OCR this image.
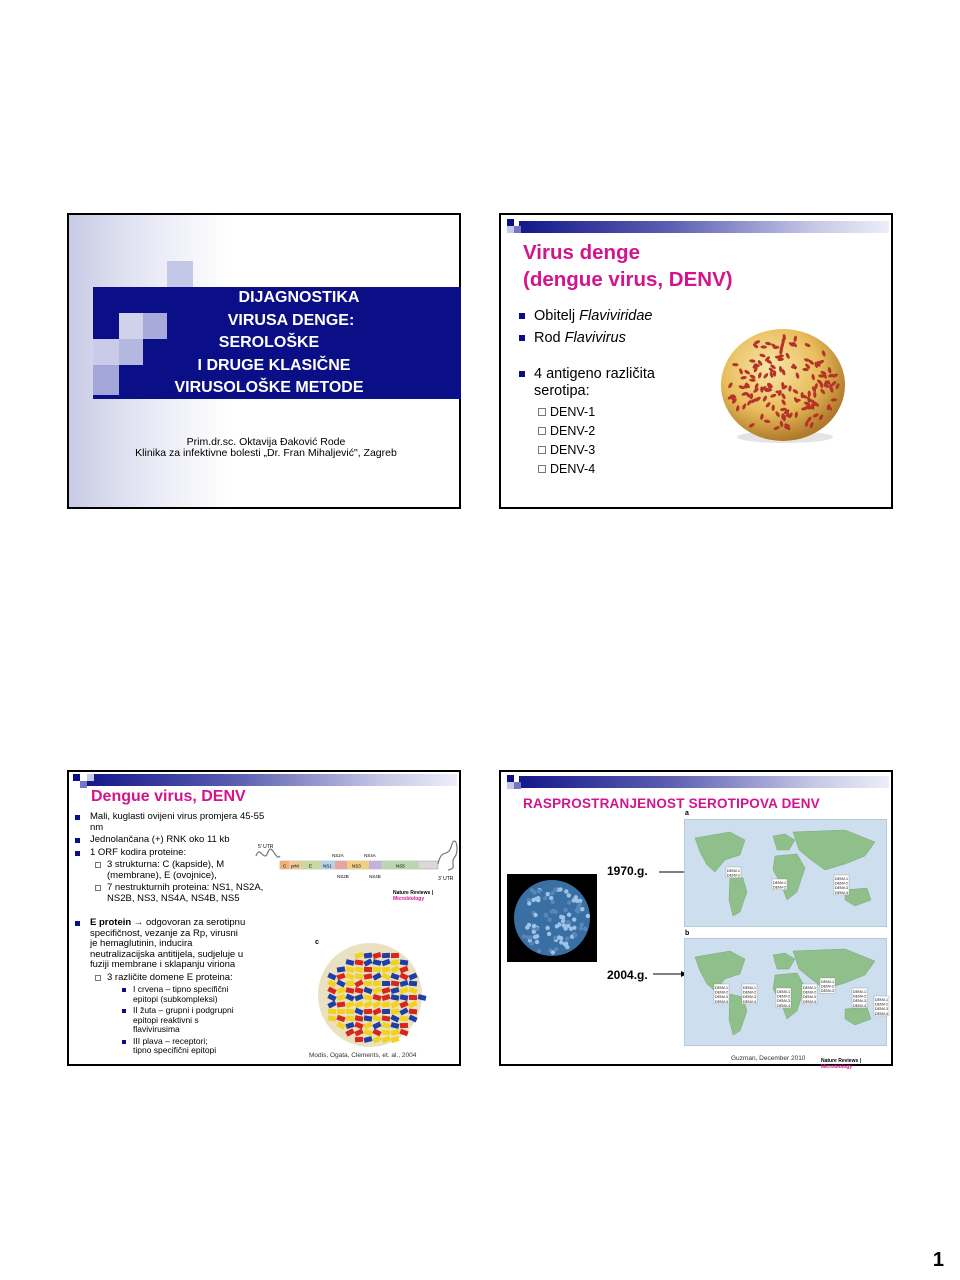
DIJAGNOSTIKA
VIRUSA DENGE:
SEROLOŠKE
I DRUGE KLASIČNE
VIRUSOLOŠKE METODE
Prim.dr.sc. Oktavija Đaković Rode
Klinika za infektivne bolesti „Dr. Fran Mihaljević", Zagreb
Virus denge
(dengue virus, DENV)
Obitelj Flaviviridae
Rod Flavivirus
4 antigeno različita serotipa:
DENV-1
DENV-2
DENV-3
DENV-4
Dengue virus, DENV
Mali, kuglasti ovijeni virus promjera 45-55 nm
Jednolančana (+) RNK oko 11 kb
1 ORF kodira proteine:
3 strukturna: C (kapside), M (membrane), E (ovojnice),
7 nestrukturnih proteina: NS1, NS2A, NS2B, NS3, NS4A, NS4B, NS5
E protein → odgovoran za serotipnu specifičnost, vezanje za Rp, virusni je hemaglutinin, inducira neutralizacijska antitijela, sudjeluje u fuziji membrane i sklapanju viriona
3 različite domene E proteina:
I crvena – tipno specifični epitopi (subkompleksi)
II žuta – grupni i podgrupni epitopi reaktivni s flavivirusima
III plava – receptori; tipno specifični epitopi
5' UTR
C prM E NS1	NS3	NS5
NS2A	NS4A
NS2B	NS4B	3' UTR
Nature Reviews | Microbiology
c
Modis, Ogata, Clements, et. al., 2004
RASPROSTRANJENOST SEROTIPOVA DENV
1970.g.
2004.g.
a
DENV-1
DENV-2
DENV-1
DENV-2
DENV-1
DENV-2
DENV-3
DENV-4
b
DENV-1
DENV-2
DENV-3
DENV-4
DENV-1
DENV-2
DENV-3
DENV-4
DENV-1
DENV-2
DENV-3
DENV-4
DENV-1
DENV-2
DENV-3
DENV-4
DENV-1
DENV-2
DENV-3	DENV-1
DENV-2
DENV-3
DENV-4
DENV-1
DENV-2
DENV-3
DENV-4
Guzman, December 2010	Nature Reviews | Microbiology
1
